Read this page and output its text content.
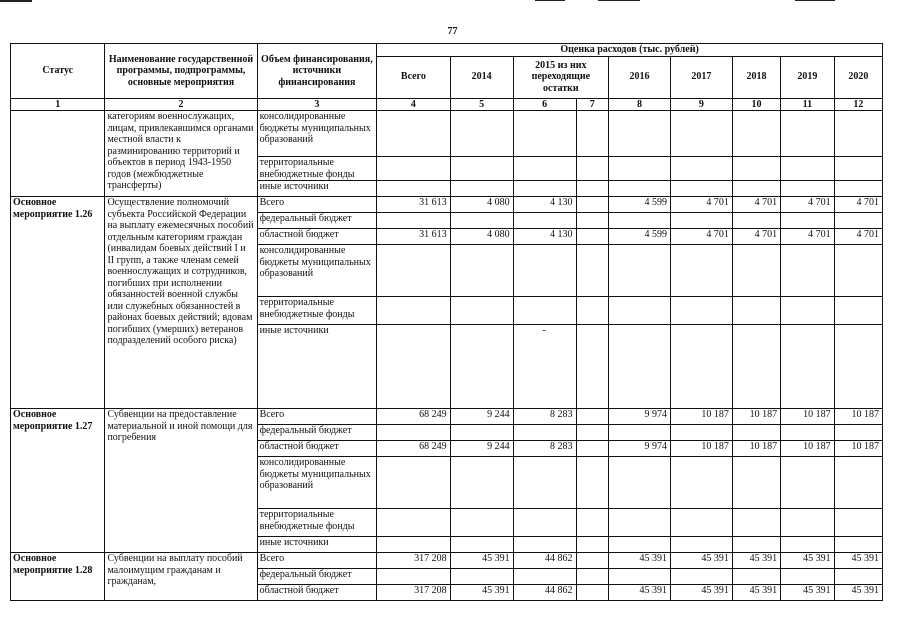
77
Статус	Наименование государственной программы, подпрограммы, основные мероприятия	Объем финансирования, источники финансирования	Оценка расходов (тыс. рублей)								
			Всего	2014	2015 из них переходящие остатки		2016	2017	2018	2019	2020
1	2	3	4	5	6	7	8	9	10	11	12
	категориям военнослужащих, лицам, привлекавшимся органами местной власти к разминированию территорий и объектов в период 1943-1950 годов (межбюджетные трансферты)	консолидированные бюджеты муниципальных образований									
		территориальные внебюджетные фонды									
		иные источники									
Основное мероприятие 1.26	Осуществление полномочий субъекта Российской Федерации на выплату ежемесячных пособий отдельным категориям граждан (инвалидам боевых действий I и II групп, а также членам семей военнослужащих и сотрудников, погибших при исполнении обязанностей военной службы или служебных обязанностей в районах боевых действий; вдовам погибших (умерших) ветеранов подразделений особого риска)	Всего	31 613	4 080	4 130		4 599	4 701	4 701	4 701	4 701
		федеральный бюджет									
		областной бюджет	31 613	4 080	4 130		4 599	4 701	4 701	4 701	4 701
		консолидированные бюджеты муниципальных образований									
		территориальные внебюджетные фонды									
		иные источники			-						
Основное мероприятие 1.27	Субвенции на предоставление материальной и иной помощи для погребения	Всего	68 249	9 244	8 283		9 974	10 187	10 187	10 187	10 187
		федеральный бюджет									
		областной бюджет	68 249	9 244	8 283		9 974	10 187	10 187	10 187	10 187
		консолидированные бюджеты муниципальных образований									
		территориальные внебюджетные фонды									
		иные источники									
Основное мероприятие 1.28	Субвенции на выплату пособий малоимущим гражданам и гражданам,	Всего	317 208	45 391	44 862		45 391	45 391	45 391	45 391	45 391
		федеральный бюджет									
		областной бюджет	317 208	45 391	44 862		45 391	45 391	45 391	45 391	45 391
